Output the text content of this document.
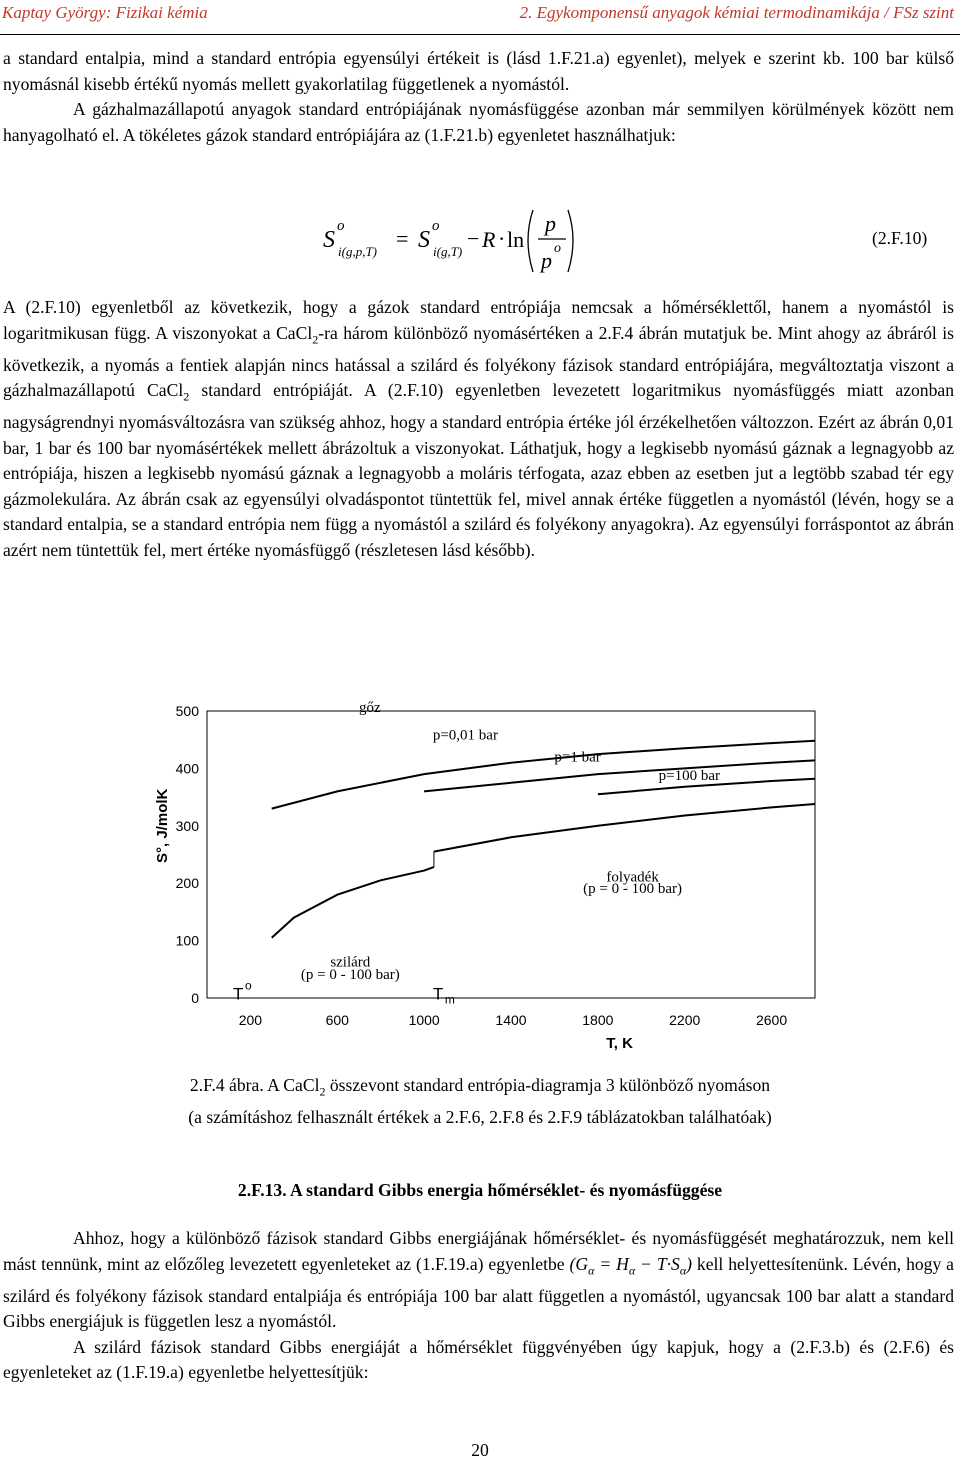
Kaptay György: Fizikai kémia	2. Egykomponensű anyagok kémiai termodinamikája / FSz szint

a standard entalpia, mind a standard entrópia egyensúlyi értékeit is (lásd 1.F.21.a) egyenlet), melyek e szerint kb. 100 bar külső nyomásnál kisebb értékű nyomás mellett gyakorlatilag függetlenek a nyomástól.

A gázhalmazállapotú anyagok standard entrópiájának nyomásfüggése azonban már semmilyen körülmények között nem hanyagolható el. A tökéletes gázok standard entrópiájára az (1.F.21.b) egyenletet használhatjuk:

S
o
i(g,p,T)
= S
o
i(g,T)
− R · ln
p
p o
(2.F.10)

A (2.F.10) egyenletből az következik, hogy a gázok standard entrópiája nemcsak a hőmérséklettől, hanem a nyomástól is logaritmikusan függ. A viszonyokat a CaCl$_2$-ra három különböző nyomásértéken a 2.F.4 ábrán mutatjuk be. Mint ahogy az ábráról is következik, a nyomás a fentiek alapján nincs hatással a szilárd és folyékony fázisok standard entrópiájára, megváltoztatja viszont a gázhalmazállapotú CaCl$_2$ standard entrópiáját. A (2.F.10) egyenletben levezetett logaritmikus nyomásfüggés miatt azonban nagyságrendnyi nyomásváltozásra van szükség ahhoz, hogy a standard entrópia értéke jól érzékelhetően változzon. Ezért az ábrán 0,01 bar, 1 bar és 100 bar nyomásértékek mellett ábrázoltuk a viszonyokat. Láthatjuk, hogy a legkisebb nyomású gáznak a legnagyobb az entrópiája, hiszen a legkisebb nyomású gáznak a legnagyobb a moláris térfogata, azaz ebben az esetben jut a legtöbb szabad tér egy gázmolekulára. Az ábrán csak az egyensúlyi olvadáspontot tüntettük fel, mivel annak értéke független a nyomástól (lévén, hogy se a standard entalpia, se a standard entrópia nem függ a nyomástól a szilárd és folyékony anyagokra). Az egyensúlyi forráspontot az ábrán azért nem tüntettük fel, mert értéke nyomásfüggő (részletesen lásd később).

0
100
200
300
400
500
200	600	1000	1400	1800	2200	2600
T, K
S°, J/molK
gőz
p=0,01 bar
p=1 bar
p=100 bar
folyadék
(p = 0 - 100 bar)
szilárd
(p = 0 - 100 bar)
T o	T m
2.F.4 ábra. A CaCl$_2$ összevont standard entrópia-diagramja 3 különböző nyomáson
(a számításhoz felhasznált értékek a 2.F.6, 2.F.8 és 2.F.9 táblázatokban találhatóak)
2.F.13. A standard Gibbs energia hőmérséklet- és nyomásfüggése

Ahhoz, hogy a különböző fázisok standard Gibbs energiájának hőmérséklet- és nyomásfüggését meghatározzuk, nem kell mást tennünk, mint az előzőleg levezetett egyenleteket az (1.F.19.a) egyenletbe $(G_\alpha = H_\alpha - T\cdot S_\alpha)$ kell helyettesítenünk. Lévén, hogy a szilárd és folyékony fázisok standard entalpiája és entrópiája 100 bar alatt független a nyomástól, ugyancsak 100 bar alatt a standard Gibbs energiájuk is független lesz a nyomástól.

A szilárd fázisok standard Gibbs energiáját a hőmérséklet függvényében úgy kapjuk, hogy a (2.F.3.b) és (2.F.6) és egyenleteket az (1.F.19.a) egyenletbe helyettesítjük:

20
